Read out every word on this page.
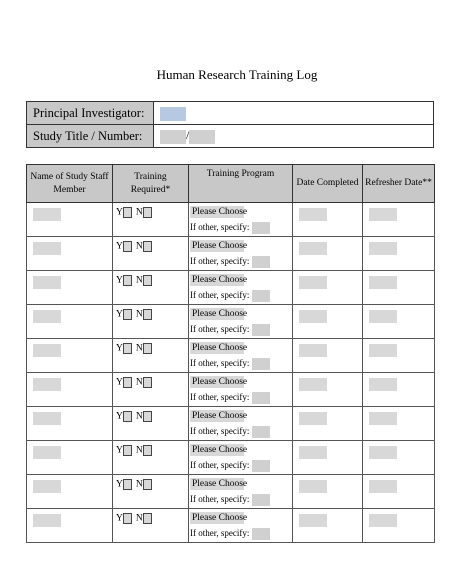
Human Research Training Log
Principal Investigator:	
Study Title / Number:	/
Name of Study Staff Member	Training Required*	Training Program	Date Completed	Refresher Date**

	Y N	Please Choose
If other, specify:		

	Y N	Please Choose
If other, specify:		

	Y N	Please Choose
If other, specify:		

	Y N	Please Choose
If other, specify:		

	Y N	Please Choose
If other, specify:		

	Y N	Please Choose
If other, specify:		

	Y N	Please Choose
If other, specify:		

	Y N	Please Choose
If other, specify:		

	Y N	Please Choose
If other, specify:		

	Y N	Please Choose
If other, specify:		
